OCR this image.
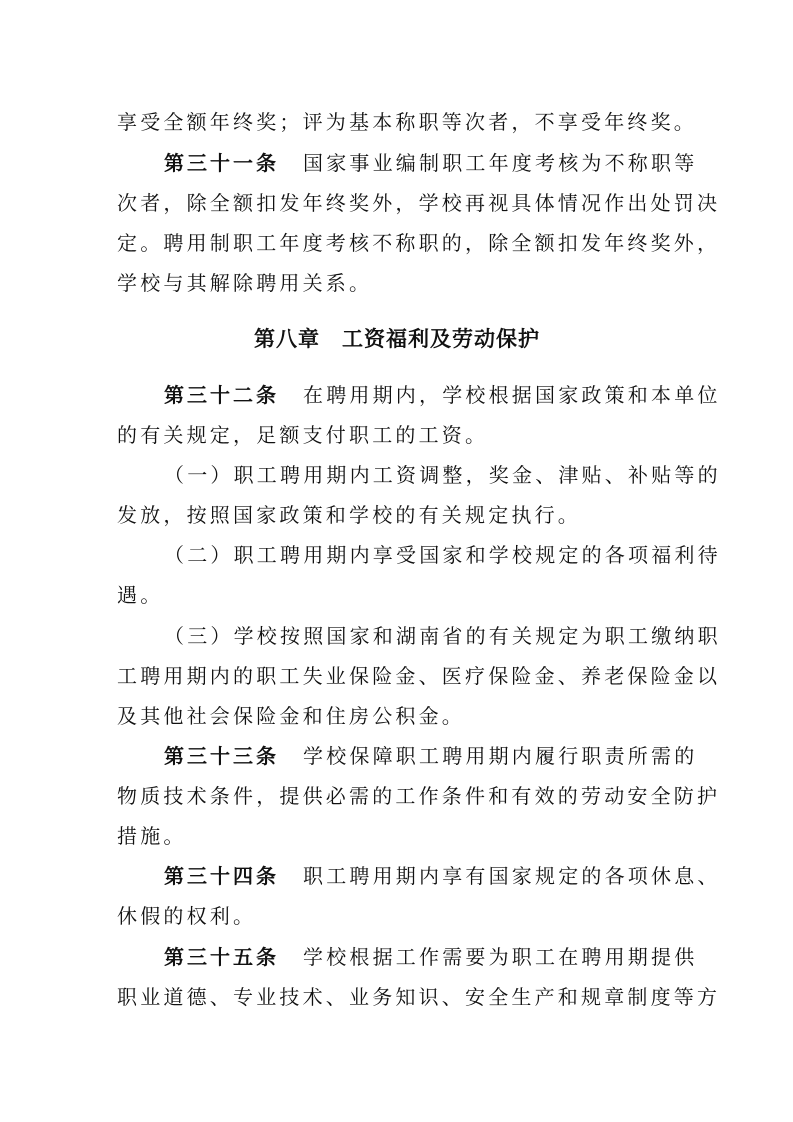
享受全额年终奖；评为基本称职等次者，不享受年终奖。
第三十一条 国家事业编制职工年度考核为不称职等
次者，除全额扣发年终奖外，学校再视具体情况作出处罚决
定。聘用制职工年度考核不称职的，除全额扣发年终奖外，
学校与其解除聘用关系。
第八章 工资福利及劳动保护
第三十二条 在聘用期内，学校根据国家政策和本单位
的有关规定，足额支付职工的工资。
（一）职工聘用期内工资调整，奖金、津贴、补贴等的
发放，按照国家政策和学校的有关规定执行。
（二）职工聘用期内享受国家和学校规定的各项福利待
遇。
（三）学校按照国家和湖南省的有关规定为职工缴纳职
工聘用期内的职工失业保险金、医疗保险金、养老保险金以
及其他社会保险金和住房公积金。
第三十三条 学校保障职工聘用期内履行职责所需的
物质技术条件，提供必需的工作条件和有效的劳动安全防护
措施。
第三十四条 职工聘用期内享有国家规定的各项休息、
休假的权利。
第三十五条 学校根据工作需要为职工在聘用期提供
职业道德、专业技术、业务知识、安全生产和规章制度等方
